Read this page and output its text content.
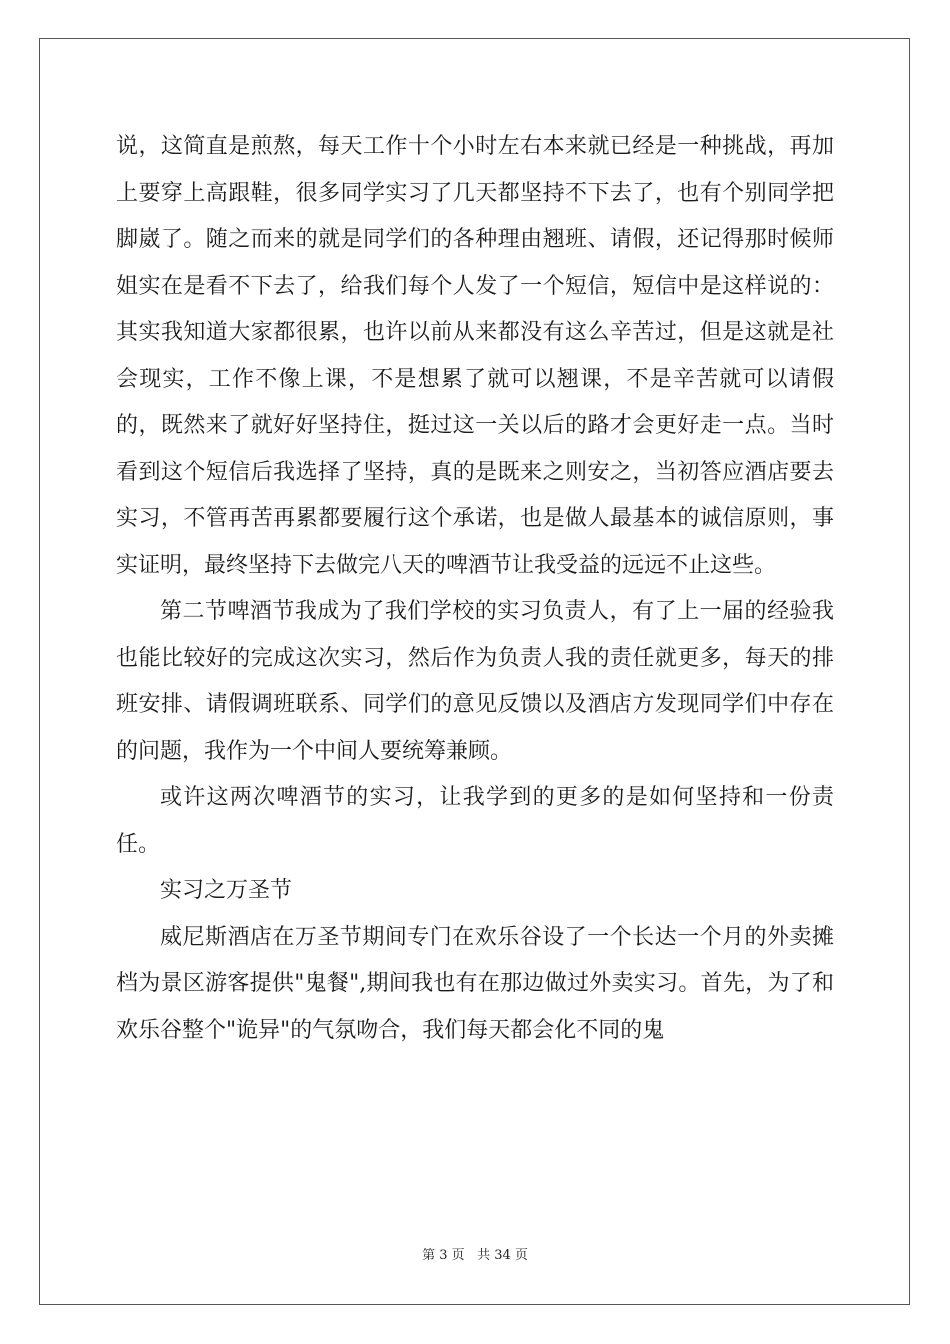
说，这简直是煎熬，每天工作十个小时左右本来就已经是一种挑战，再加上要穿上高跟鞋，很多同学实习了几天都坚持不下去了，也有个别同学把脚崴了。随之而来的就是同学们的各种理由翘班、请假，还记得那时候师姐实在是看不下去了，给我们每个人发了一个短信，短信中是这样说的：其实我知道大家都很累，也许以前从来都没有这么辛苦过，但是这就是社会现实，工作不像上课，不是想累了就可以翘课，不是辛苦就可以请假的，既然来了就好好坚持住，挺过这一关以后的路才会更好走一点。当时看到这个短信后我选择了坚持，真的是既来之则安之，当初答应酒店要去实习，不管再苦再累都要履行这个承诺，也是做人最基本的诚信原则，事实证明，最终坚持下去做完八天的啤酒节让我受益的远远不止这些。

第二节啤酒节我成为了我们学校的实习负责人，有了上一届的经验我也能比较好的完成这次实习，然后作为负责人我的责任就更多，每天的排班安排、请假调班联系、同学们的意见反馈以及酒店方发现同学们中存在的问题，我作为一个中间人要统筹兼顾。

或许这两次啤酒节的实习，让我学到的更多的是如何坚持和一份责任。

实习之万圣节

威尼斯酒店在万圣节期间专门在欢乐谷设了一个长达一个月的外卖摊档为景区游客提供"鬼餐",期间我也有在那边做过外卖实习。首先，为了和欢乐谷整个"诡异"的气氛吻合，我们每天都会化不同的鬼

第 3 页 共 34 页
